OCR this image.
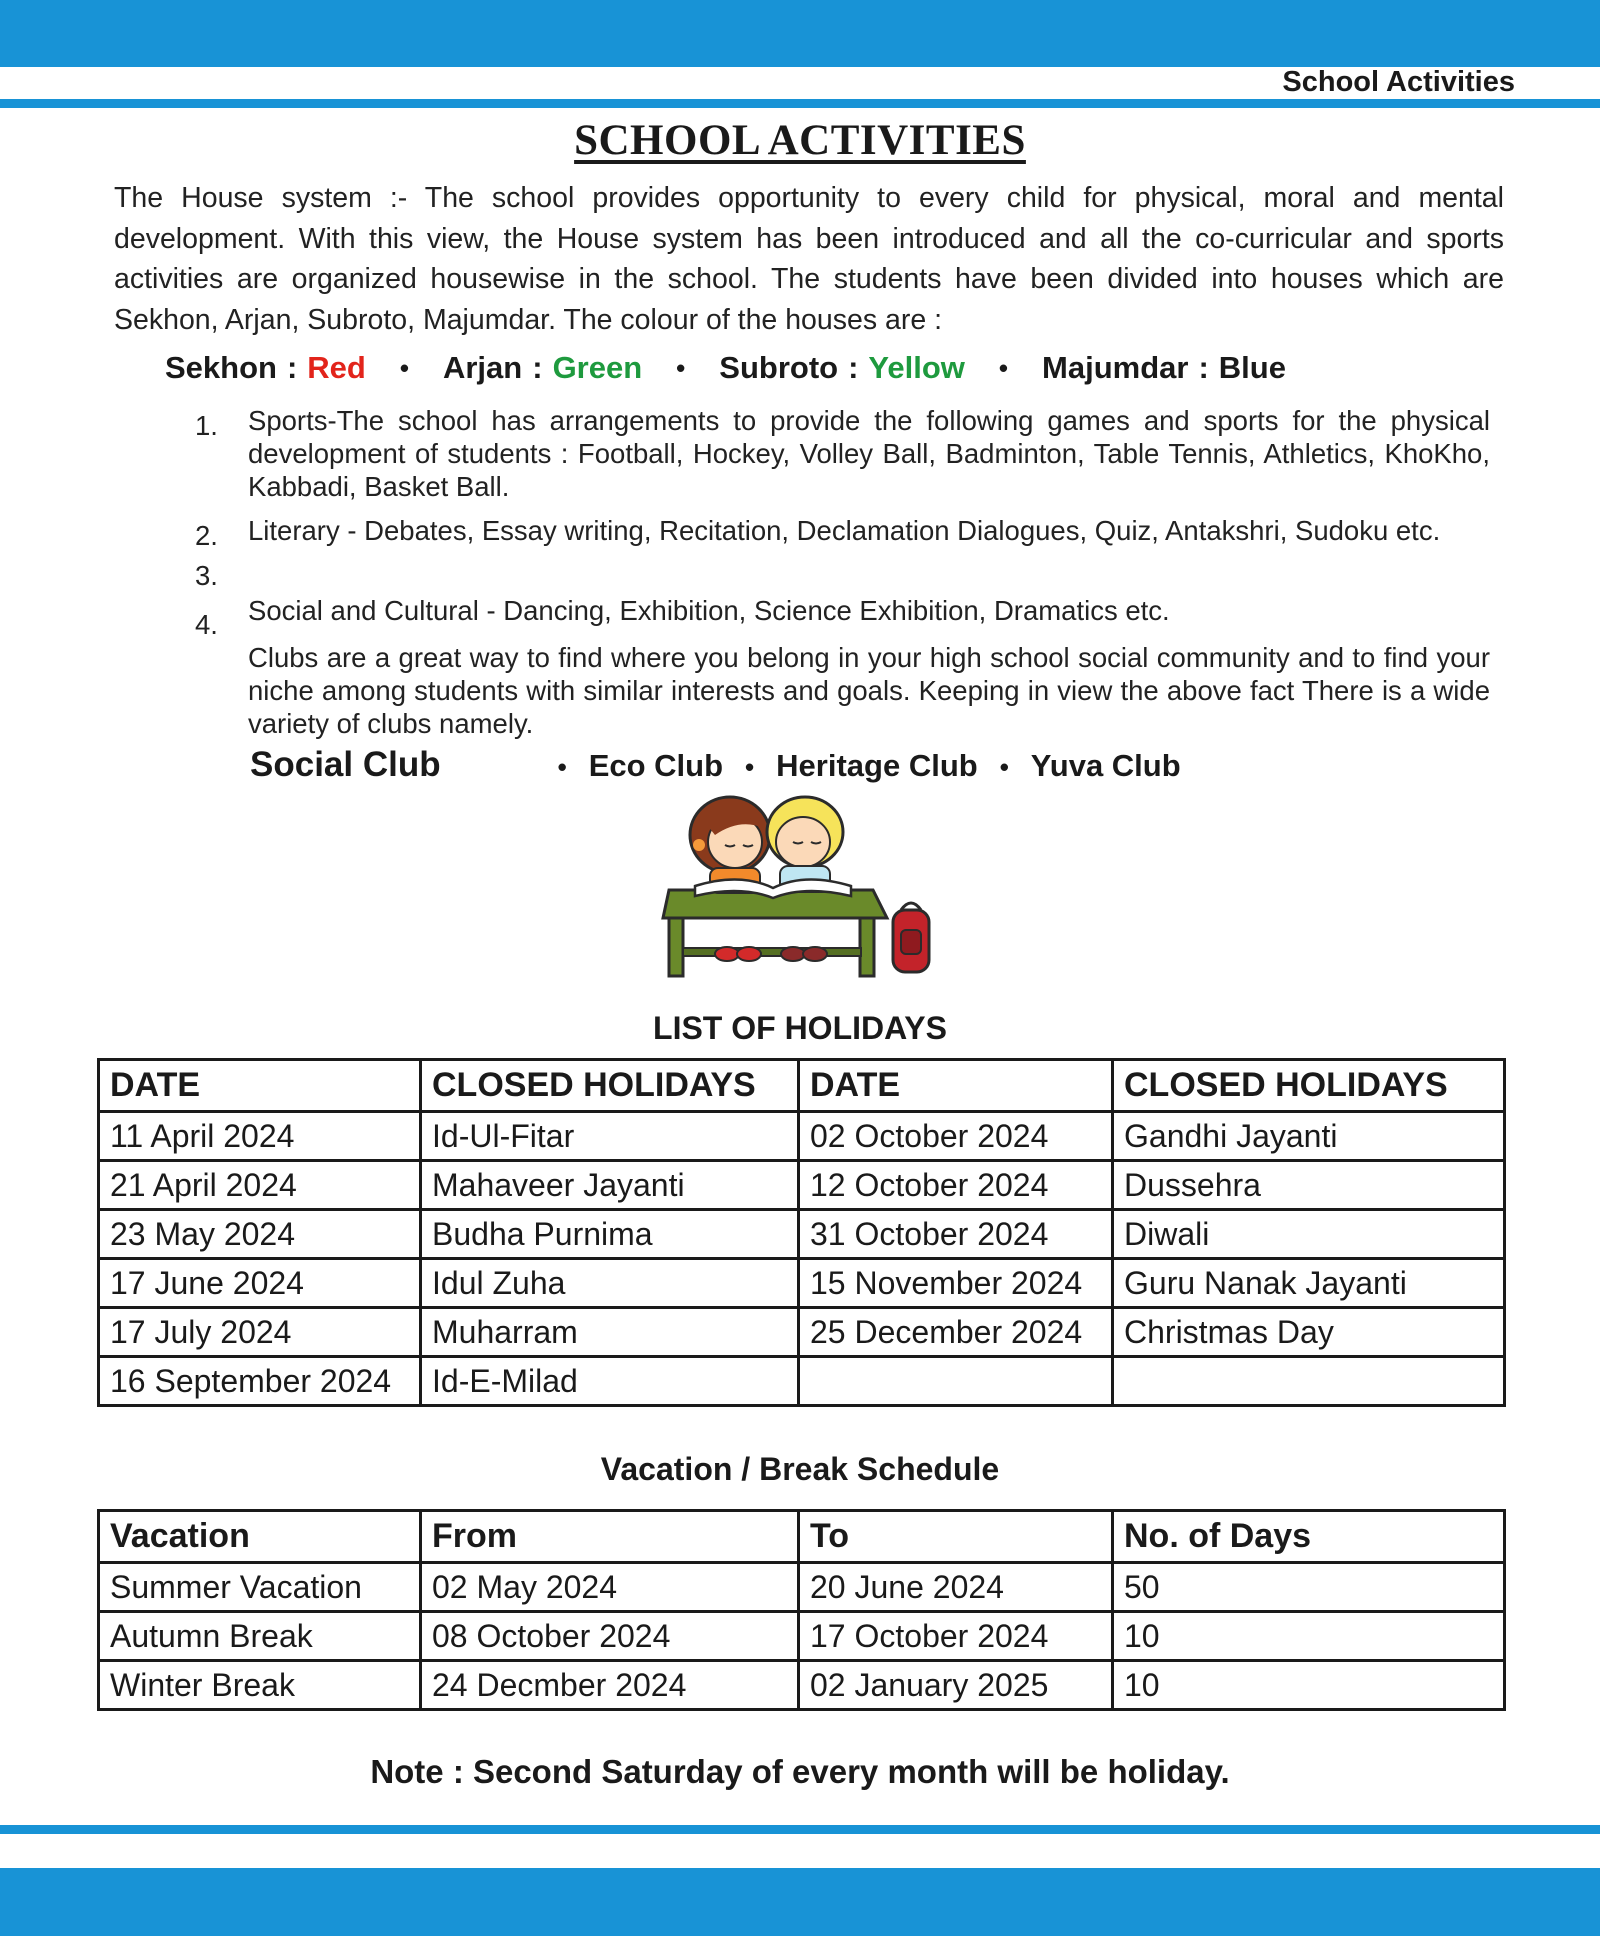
School Activities
SCHOOL ACTIVITIES

The House system :- The school provides opportunity to every child for physical, moral and mental development. With this view, the House system has been introduced and all the co-curricular and sports activities are organized housewise in the school. The students have been divided into houses which are Sekhon, Arjan, Subroto, Majumdar. The colour of the houses are :

Sekhon : Red • Arjan : Green • Subroto : Yellow • Majumdar : Blue
1.	Sports-The school has arrangements to provide the following games and sports for the physical development of students : Football, Hockey, Volley Ball, Badminton, Table Tennis, Athletics, KhoKho, Kabbadi, Basket Ball.

2.	Literary - Debates, Essay writing, Recitation, Declamation Dialogues, Quiz, Antakshri, Sudoku etc.

3.

Social and Cultural - Dancing, Exhibition, Science Exhibition, Dramatics etc.

4.

Clubs are a great way to find where you belong in your high school social community and to find your niche among students with similar interests and goals. Keeping in view the above fact There is a wide variety of clubs namely.

Social Club	• Eco Club • Heritage Club • Yuva Club
LIST OF HOLIDAYS
DATE	CLOSED HOLIDAYS	DATE	CLOSED HOLIDAYS
11 April 2024	Id-Ul-Fitar	02 October 2024	Gandhi Jayanti
21 April 2024	Mahaveer Jayanti	12 October 2024	Dussehra
23 May 2024	Budha Purnima	31 October 2024	Diwali
17 June 2024	Idul Zuha	15 November 2024	Guru Nanak Jayanti
17 July 2024	Muharram	25 December 2024	Christmas Day
16 September 2024	Id-E-Milad		
Vacation / Break Schedule
Vacation	From	To	No. of Days
Summer Vacation	02 May 2024	20 June 2024	50
Autumn Break	08 October 2024	17 October 2024	10
Winter Break	24 Decmber 2024	02 January 2025	10

Note : Second Saturday of every month will be holiday.
